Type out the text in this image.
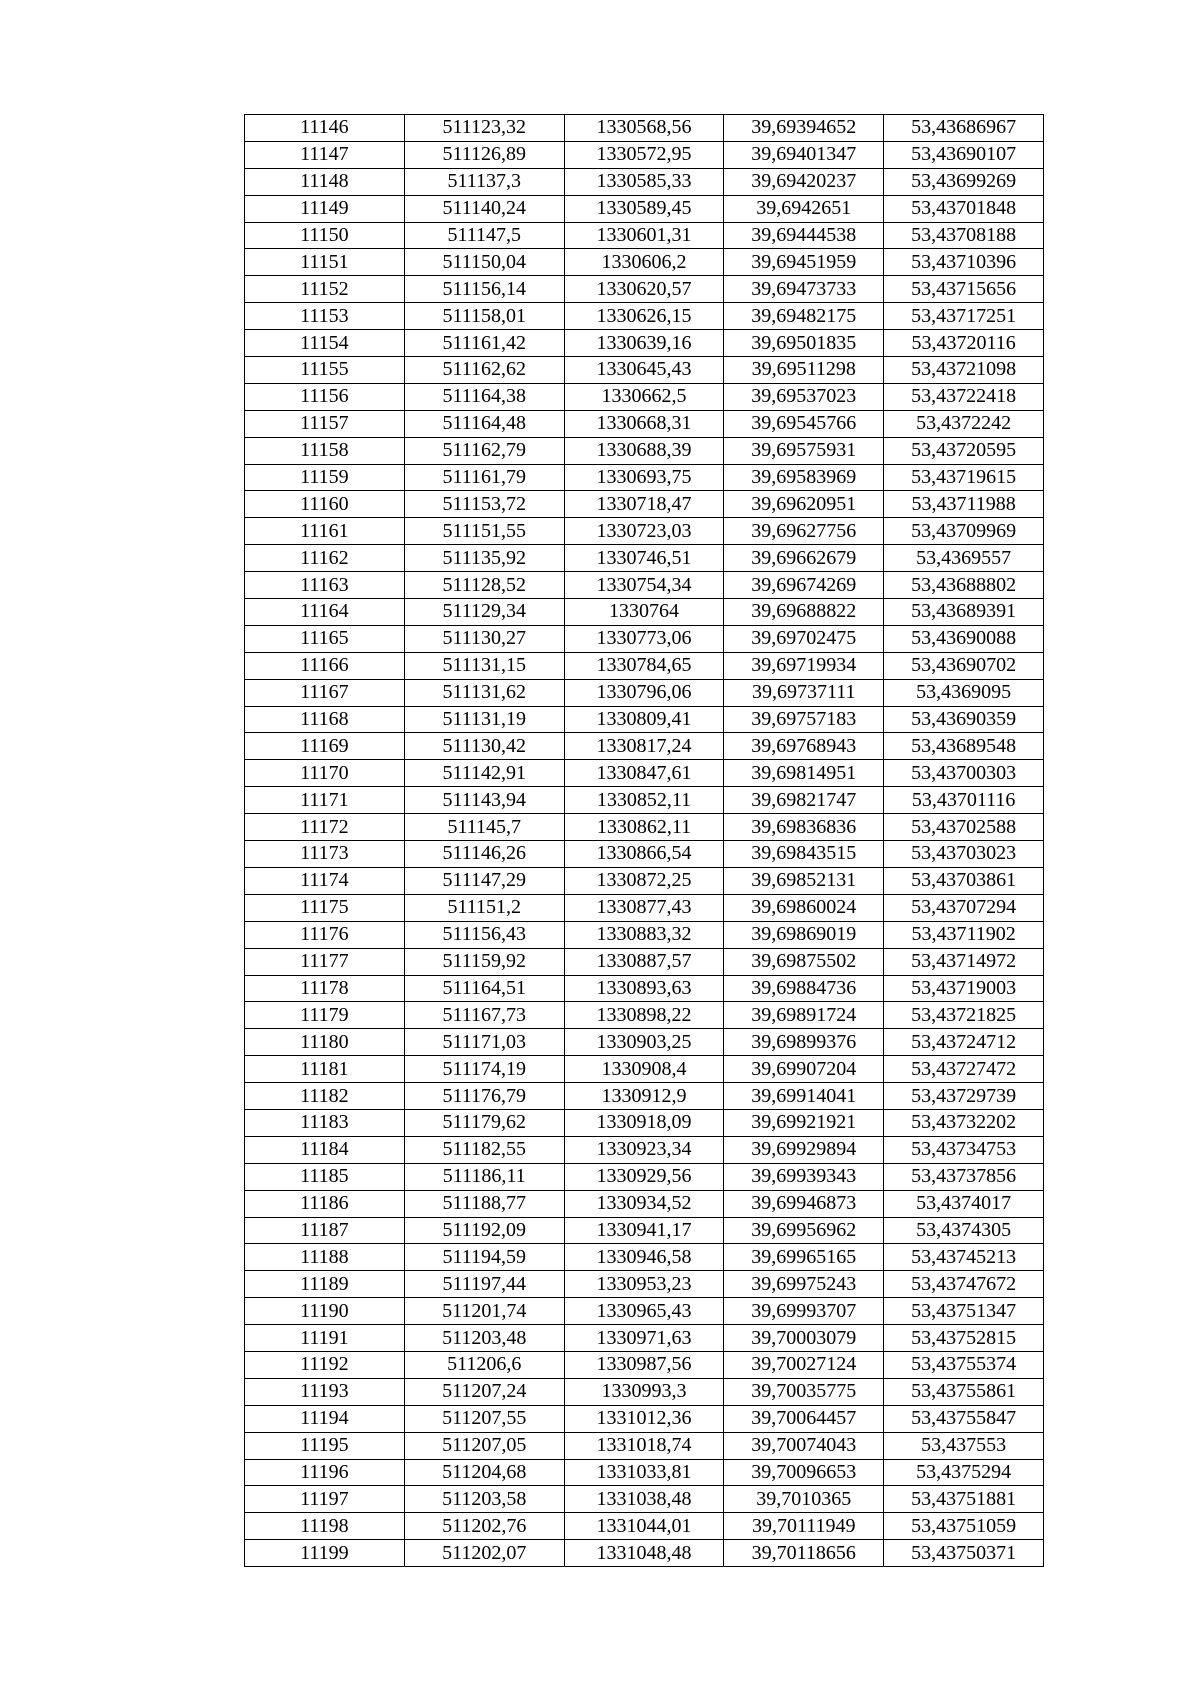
11146	511123,32	1330568,56	39,69394652	53,43686967
11147	511126,89	1330572,95	39,69401347	53,43690107
11148	511137,3	1330585,33	39,69420237	53,43699269
11149	511140,24	1330589,45	39,6942651	53,43701848
11150	511147,5	1330601,31	39,69444538	53,43708188
11151	511150,04	1330606,2	39,69451959	53,43710396
11152	511156,14	1330620,57	39,69473733	53,43715656
11153	511158,01	1330626,15	39,69482175	53,43717251
11154	511161,42	1330639,16	39,69501835	53,43720116
11155	511162,62	1330645,43	39,69511298	53,43721098
11156	511164,38	1330662,5	39,69537023	53,43722418
11157	511164,48	1330668,31	39,69545766	53,4372242
11158	511162,79	1330688,39	39,69575931	53,43720595
11159	511161,79	1330693,75	39,69583969	53,43719615
11160	511153,72	1330718,47	39,69620951	53,43711988
11161	511151,55	1330723,03	39,69627756	53,43709969
11162	511135,92	1330746,51	39,69662679	53,4369557
11163	511128,52	1330754,34	39,69674269	53,43688802
11164	511129,34	1330764	39,69688822	53,43689391
11165	511130,27	1330773,06	39,69702475	53,43690088
11166	511131,15	1330784,65	39,69719934	53,43690702
11167	511131,62	1330796,06	39,69737111	53,4369095
11168	511131,19	1330809,41	39,69757183	53,43690359
11169	511130,42	1330817,24	39,69768943	53,43689548
11170	511142,91	1330847,61	39,69814951	53,43700303
11171	511143,94	1330852,11	39,69821747	53,43701116
11172	511145,7	1330862,11	39,69836836	53,43702588
11173	511146,26	1330866,54	39,69843515	53,43703023
11174	511147,29	1330872,25	39,69852131	53,43703861
11175	511151,2	1330877,43	39,69860024	53,43707294
11176	511156,43	1330883,32	39,69869019	53,43711902
11177	511159,92	1330887,57	39,69875502	53,43714972
11178	511164,51	1330893,63	39,69884736	53,43719003
11179	511167,73	1330898,22	39,69891724	53,43721825
11180	511171,03	1330903,25	39,69899376	53,43724712
11181	511174,19	1330908,4	39,69907204	53,43727472
11182	511176,79	1330912,9	39,69914041	53,43729739
11183	511179,62	1330918,09	39,69921921	53,43732202
11184	511182,55	1330923,34	39,69929894	53,43734753
11185	511186,11	1330929,56	39,69939343	53,43737856
11186	511188,77	1330934,52	39,69946873	53,4374017
11187	511192,09	1330941,17	39,69956962	53,4374305
11188	511194,59	1330946,58	39,69965165	53,43745213
11189	511197,44	1330953,23	39,69975243	53,43747672
11190	511201,74	1330965,43	39,69993707	53,43751347
11191	511203,48	1330971,63	39,70003079	53,43752815
11192	511206,6	1330987,56	39,70027124	53,43755374
11193	511207,24	1330993,3	39,70035775	53,43755861
11194	511207,55	1331012,36	39,70064457	53,43755847
11195	511207,05	1331018,74	39,70074043	53,437553
11196	511204,68	1331033,81	39,70096653	53,4375294
11197	511203,58	1331038,48	39,7010365	53,43751881
11198	511202,76	1331044,01	39,70111949	53,43751059
11199	511202,07	1331048,48	39,70118656	53,43750371
